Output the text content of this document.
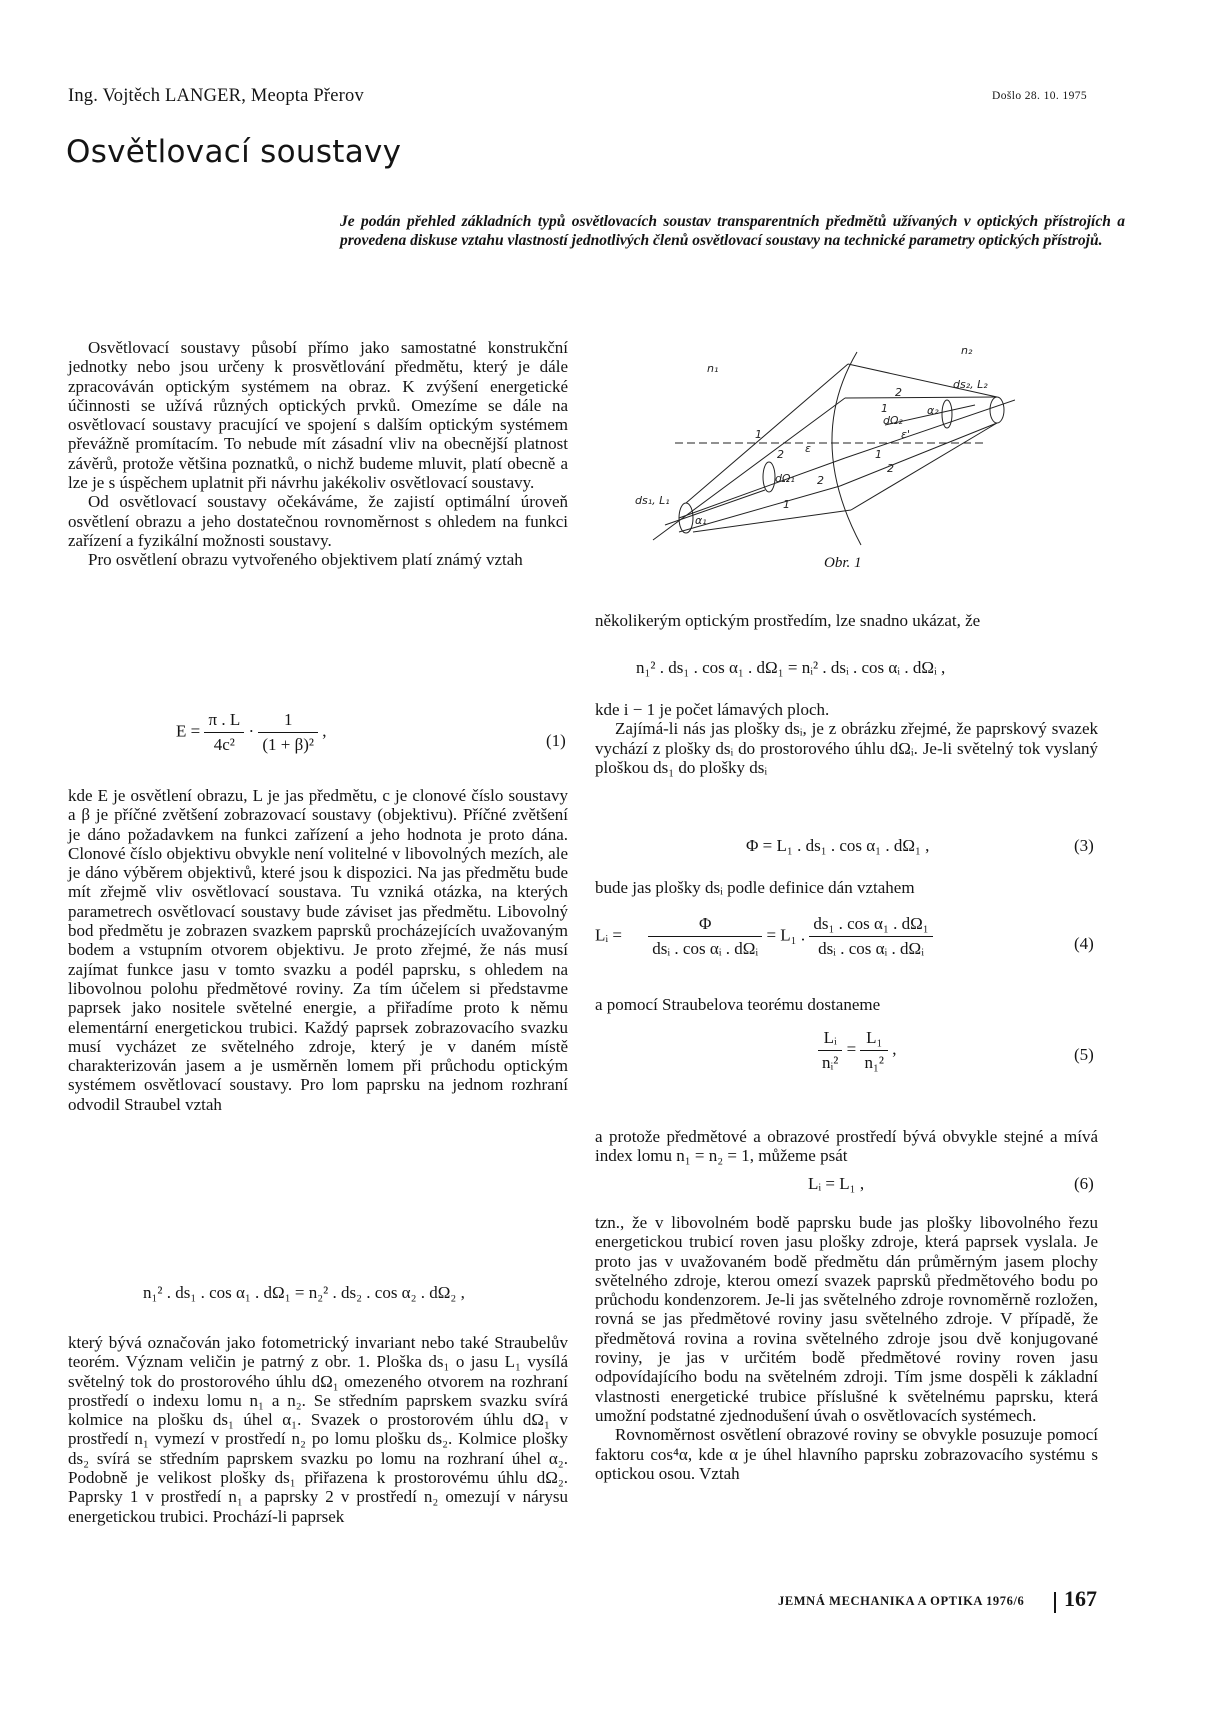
Ing. Vojtěch LANGER, Meopta Přerov	Došlo 28. 10. 1975
Osvětlovací soustavy
Je podán přehled základních typů osvětlovacích soustav transparentních předmětů užívaných v optických přístrojích a provedena diskuse vztahu vlastností jednotlivých členů osvětlovací soustavy na technické parametry optických přístrojů.

Osvětlovací soustavy působí přímo jako samostatné konstrukční jednotky nebo jsou určeny k prosvětlování předmětu, který je dále zpracováván optickým systémem na obraz. K zvýšení energetické účinnosti se užívá různých optických prvků. Omezíme se dále na osvětlovací soustavy pracující ve spojení s dalším optickým systémem převážně promítacím. To nebude mít zásadní vliv na obecnější platnost závěrů, protože většina poznatků, o nichž budeme mluvit, platí obecně a lze je s úspěchem uplatnit při návrhu jakékoliv osvětlovací soustavy.

Od osvětlovací soustavy očekáváme, že zajistí optimální úroveň osvětlení obrazu a jeho dostatečnou rovnoměrnost s ohledem na funkci zařízení a fyzikální možnosti soustavy.

Pro osvětlení obrazu vytvořeného objektivem platí známý vztah

$E = \frac{\pi . L}{\text{4c²}} \cdot \frac{1}{\text{(1 + β)²}}$ ,
(1)

kde E je osvětlení obrazu, L je jas předmětu, c je clonové číslo soustavy a β je příčné zvětšení zobrazovací soustavy (objektivu). Příčné zvětšení je dáno požadavkem na funkci zařízení a jeho hodnota je proto dána. Clonové číslo objektivu obvykle není volitelné v libovolných mezích, ale je dáno výběrem objektivů, které jsou k dispozici. Na jas předmětu bude mít zřejmě vliv osvětlovací soustava. Tu vzniká otázka, na kterých parametrech osvětlovací soustavy bude záviset jas předmětu. Libovolný bod předmětu je zobrazen svazkem paprsků procházejících uvažovaným bodem a vstupním otvorem objektivu. Je proto zřejmé, že nás musí zajímat funkce jasu v tomto svazku a podél paprsku, s ohledem na libovolnou polohu předmětové roviny. Za tím účelem si představme paprsek jako nositele světelné energie, a přiřadíme proto k němu elementární energetickou trubici. Každý paprsek zobrazovacího svazku musí vycházet ze světelného zdroje, který je v daném místě charakterizován jasem a je usměrněn lomem při průchodu optickým systémem osvětlovací soustavy. Pro lom paprsku na jednom rozhraní odvodil Straubel vztah

n₁² . ds₁ . cos α₁ . dΩ₁ = n₂² . ds₂ . cos α₂ . dΩ₂ ,

který bývá označován jako fotometrický invariant nebo také Straubelův teorém. Význam veličin je patrný z obr. 1. Ploška ds₁ o jasu L₁ vysílá světelný tok do prostorového úhlu dΩ₁ omezeného otvorem na rozhraní prostředí o indexu lomu n₁ a n₂. Se středním paprskem svazku svírá kolmice na plošku ds₁ úhel α₁. Svazek o prostorovém úhlu dΩ₁ v prostředí n₁ vymezí v prostředí n₂ po lomu plošku ds₂. Kolmice plošky ds₂ svírá se středním paprskem svazku po lomu na rozhraní úhel α₂. Podobně je velikost plošky ds₁ přiřazena k prostorovému úhlu dΩ₂. Paprsky 1 v prostředí n₁ a paprsky 2 v prostředí n₂ omezují v nárysu energetickou trubici. Prochází-li paprsek

n₁
n₂
ds₂, L₂
ds₁, L₁
α₁
α₂
dΩ₁
dΩ₂
ε
ε'
2
1
2
1
2
1
1
2
Obr. 1

několikerým optickým prostředím, lze snadno ukázat, že

n₁² . ds₁ . cos α₁ . dΩ₁ = nᵢ² . dsᵢ . cos αᵢ . dΩᵢ ,

kde i − 1 je počet lámavých ploch.

Zajímá-li nás jas plošky dsᵢ, je z obrázku zřejmé, že paprskový svazek vychází z plošky dsᵢ do prostorového úhlu dΩᵢ. Je-li světelný tok vyslaný ploškou ds₁ do plošky dsᵢ

Φ = L₁ . ds₁ . cos α₁ . dΩ₁ ,	(3)

bude jas plošky dsᵢ podle definice dán vztahem

Lᵢ = $\frac{\Phi}{\text{dsᵢ . cos αᵢ . dΩᵢ}} = L_1$ . $\frac{\text{ds₁ . cos α₁ . dΩ₁}}{\text{dsᵢ . cos αᵢ . dΩᵢ}}$	(4)

a pomocí Straubelova teorému dostaneme

$\frac{\text{Lᵢ}}{\text{nᵢ²}} = \frac{\text{L₁}}{\text{n₁²}}$ ,	(5)

a protože předmětové a obrazové prostředí bývá obvykle stejné a mívá index lomu n₁ = n₂ = 1, můžeme psát

Lᵢ = L₁ ,	(6)

tzn., že v libovolném bodě paprsku bude jas plošky libovolného řezu energetickou trubicí roven jasu plošky zdroje, která paprsek vyslala. Je proto jas v uvažovaném bodě předmětu dán průměrným jasem plochy světelného zdroje, kterou omezí svazek paprsků předmětového bodu po průchodu kondenzorem. Je-li jas světelného zdroje rovnoměrně rozložen, rovná se jas předmětové roviny jasu světelného zdroje. V případě, že předmětová rovina a rovina světelného zdroje jsou dvě konjugované roviny, je jas v určitém bodě předmětové roviny roven jasu odpovídajícího bodu na světelném zdroji. Tím jsme dospěli k základní vlastnosti energetické trubice příslušné k světelnému paprsku, která umožní podstatné zjednodušení úvah o osvětlovacích systémech.

Rovnoměrnost osvětlení obrazové roviny se obvykle posuzuje pomocí faktoru cos⁴α, kde α je úhel hlavního paprsku zobrazovacího systému s optickou osou. Vztah

JEMNÁ MECHANIKA A OPTIKA 1976/6 167
